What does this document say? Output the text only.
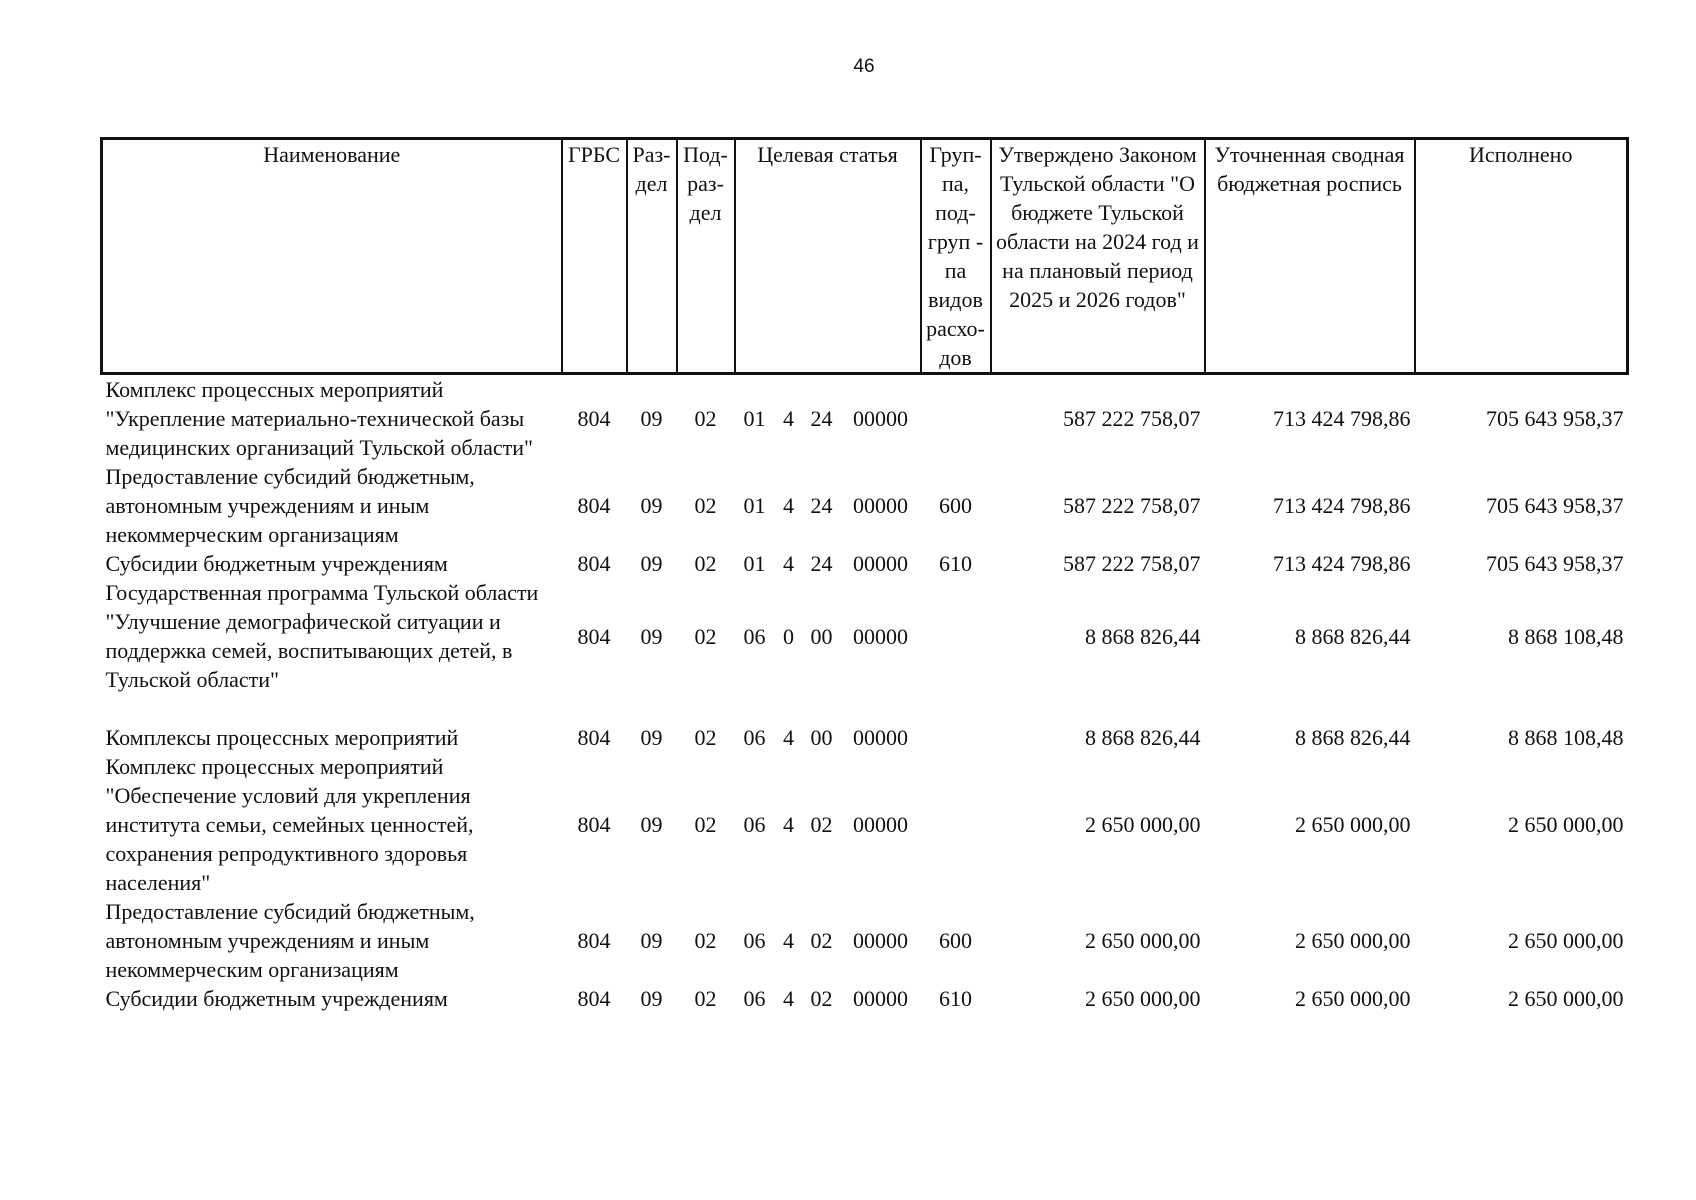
46
Наименование	ГРБС	Раз-дел	Под-раз-дел	Целевая статья				Груп-па, под-груп - па видов расхо-дов	Утверждено Законом Тульской области "О бюджете Тульской области на 2024 год и на плановый период 2025 и 2026 годов"	Уточненная сводная бюджетная роспись	Исполнено
Комплекс процессных мероприятий "Укрепление материально-технической базы медицинских организаций Тульской области"	804	09	02	01	4	24	00000		587 222 758,07	713 424 798,86	705 643 958,37
Предоставление субсидий бюджетным, автономным учреждениям и иным некоммерческим организациям	804	09	02	01	4	24	00000	600	587 222 758,07	713 424 798,86	705 643 958,37
Субсидии бюджетным учреждениям	804	09	02	01	4	24	00000	610	587 222 758,07	713 424 798,86	705 643 958,37
Государственная программа Тульской области "Улучшение демографической ситуации и поддержка семей, воспитывающих детей, в Тульской области"	804	09	02	06	0	00	00000		8 868 826,44	8 868 826,44	8 868 108,48
Комплексы процессных мероприятий	804	09	02	06	4	00	00000		8 868 826,44	8 868 826,44	8 868 108,48
Комплекс процессных мероприятий "Обеспечение условий для укрепления института семьи, семейных ценностей, сохранения репродуктивного здоровья населения"	804	09	02	06	4	02	00000		2 650 000,00	2 650 000,00	2 650 000,00
Предоставление субсидий бюджетным, автономным учреждениям и иным некоммерческим организациям	804	09	02	06	4	02	00000	600	2 650 000,00	2 650 000,00	2 650 000,00
Субсидии бюджетным учреждениям	804	09	02	06	4	02	00000	610	2 650 000,00	2 650 000,00	2 650 000,00
